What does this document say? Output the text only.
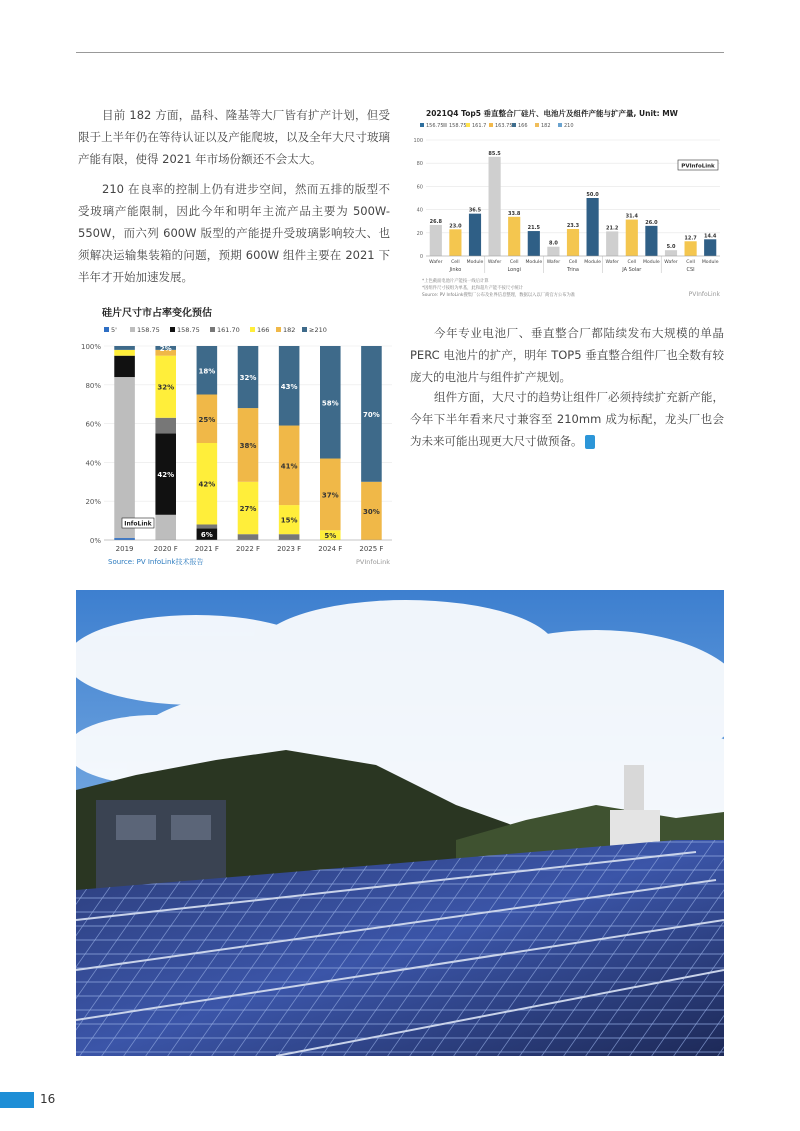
目前 182 方面，晶科、隆基等大厂皆有扩产计划，但受限于上半年仍在等待认证以及产能爬坡，以及全年大尺寸玻璃产能有限，使得 2021 年市场份额还不会太大。

210 在良率的控制上仍有进步空间，然而五排的版型不受玻璃产能限制，因此今年和明年主流产品主要为 500W-550W，而六列 600W 版型的产能提升受玻璃影响较大、也须解决运输集装箱的问题，预期 600W 组件主要在 2021 下半年才开始加速发展。

今年专业电池厂、垂直整合厂都陆续发布大规模的单晶 PERC 电池片的扩产，明年 TOP5 垂直整合组件厂也全数有较庞大的电池片与组件扩产规划。

组件方面，大尺寸的趋势让组件厂必须持续扩充新产能，今年下半年看来尺寸兼容至 210mm 成为标配，龙头厂也会为未来可能出现更大尺寸做预备。	i

2021Q4 Top5 垂直整合厂硅片、电池片及组件产能与扩产量, Unit: MW
156.75 158.75 161.7 163.75 166	182	210
0
20
40
60
80
100
26.8
Wafer
23.0
Cell
36.5
Module
85.5
Wafer
33.8
Cell
21.5
Module
8.0
Wafer
23.3
Cell
50.0
Module
21.2
Wafer
31.4
Cell
26.0
Module
5.0
Wafer
12.7
Cell
14.4
Module
Jinko	Longi	Trina	JA Solar	CSI
*上色截面电池片产能按一线后计算
*因组件尺寸按组为单基，此和超片产能不按尺寸统计
Source: PV InfoLink搜集厂公布及业界信息整理，数据以入以厂商官方公布为准	PVInfoLink
PVInfoLink
硅片尺寸市占率变化预估
5'	158.75	158.75	161.70	166 182 ≥210
0%
20%
40%
60%
80%
100%
2019	2020 F
42%
32%
2%
2021 F
6%
42%
25%
18%
2022 F
27%
38%
32%
2023 F
15%
41%
43%
2024 F
5%
37%
58%
2025 F
30%
70%
InfoLink
Source: PV InfoLink技术报告	PVInfoLink
16
